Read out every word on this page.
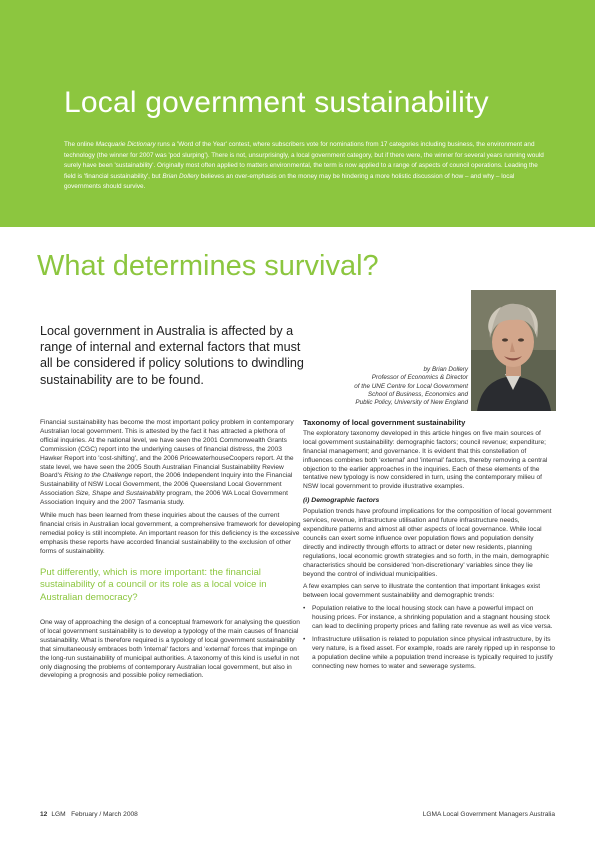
Local government sustainability
The online Macquarie Dictionary runs a 'Word of the Year' contest, where subscribers vote for nominations from 17 categories including business, the environment and technology (the winner for 2007 was 'pod slurping'). There is not, unsurprisingly, a local government category, but if there were, the winner for several years running would surely have been 'sustainability'. Originally most often applied to matters environmental, the term is now applied to a range of aspects of council operations. Leading the field is 'financial sustainability', but Brian Dollery believes an over-emphasis on the money may be hindering a more holistic discussion of how – and why – local governments should survive.
What determines survival?
Local government in Australia is affected by a range of internal and external factors that must all be considered if policy solutions to dwindling sustainability are to be found.
by Brian Dollery
Professor of Economics & Director
of the UNE Centre for Local Government
School of Business, Economics and
Public Policy, University of New England

Financial sustainability has become the most important policy problem in contemporary Australian local government. This is attested by the fact it has attracted a plethora of official inquiries. At the national level, we have seen the 2001 Commonwealth Grants Commission (CGC) report into the underlying causes of financial distress, the 2003 Hawker Report into 'cost-shifting', and the 2006 PricewaterhouseCoopers report. At the state level, we have seen the 2005 South Australian Financial Sustainability Review Board's Rising to the Challenge report, the 2006 Independent Inquiry into the Financial Sustainability of NSW Local Government, the 2006 Queensland Local Government Association Size, Shape and Sustainability program, the 2006 WA Local Government Association Inquiry and the 2007 Tasmania study.

While much has been learned from these inquiries about the causes of the current financial crisis in Australian local government, a comprehensive framework for developing remedial policy is still incomplete. An important reason for this deficiency is the excessive emphasis these reports have accorded financial sustainability to the exclusion of other forms of sustainability.

Put differently, which is more important: the financial sustainability of a council or its role as a local voice in Australian democracy?

One way of approaching the design of a conceptual framework for analysing the question of local government sustainability is to develop a typology of the main causes of financial sustainability. What is therefore required is a typology of local government sustainability that simultaneously embraces both 'internal' factors and 'external' forces that impinge on the long-run sustainability of municipal authorities. A taxonomy of this kind is useful in not only diagnosing the problems of contemporary Australian local government, but also in developing a prognosis and possible policy remediation.

Taxonomy of local government sustainability

The exploratory taxonomy developed in this article hinges on five main sources of local government sustainability: demographic factors; council revenue; expenditure; financial management; and governance. It is evident that this constellation of influences combines both 'external' and 'internal' factors, thereby removing a central objection to the earlier approaches in the inquiries. Each of these elements of the tentative new typology is now considered in turn, using the contemporary milieu of NSW local government to provide illustrative examples.

(i) Demographic factors

Population trends have profound implications for the composition of local government services, revenue, infrastructure utilisation and future infrastructure needs, expenditure patterns and almost all other aspects of local governance. While local councils can exert some influence over population flows and population density directly and indirectly through efforts to attract or deter new residents, planning regulations, local economic growth strategies and so forth, in the main, demographic characteristics should be considered 'non-discretionary' variables since they lie beyond the control of individual municipalities.

A few examples can serve to illustrate the contention that important linkages exist between local government sustainability and demographic trends:

• Population relative to the local housing stock can have a powerful impact on housing prices. For instance, a shrinking population and a stagnant housing stock can lead to declining property prices and falling rate revenue as well as vice versa.
• Infrastructure utilisation is related to population since physical infrastructure, by its very nature, is a fixed asset. For example, roads are rarely ripped up in response to a population decline while a population trend increase is typically required to justify connecting new homes to water and sewerage systems.
12 LGM   February / March 2008	LGMA Local Government Managers Australia
